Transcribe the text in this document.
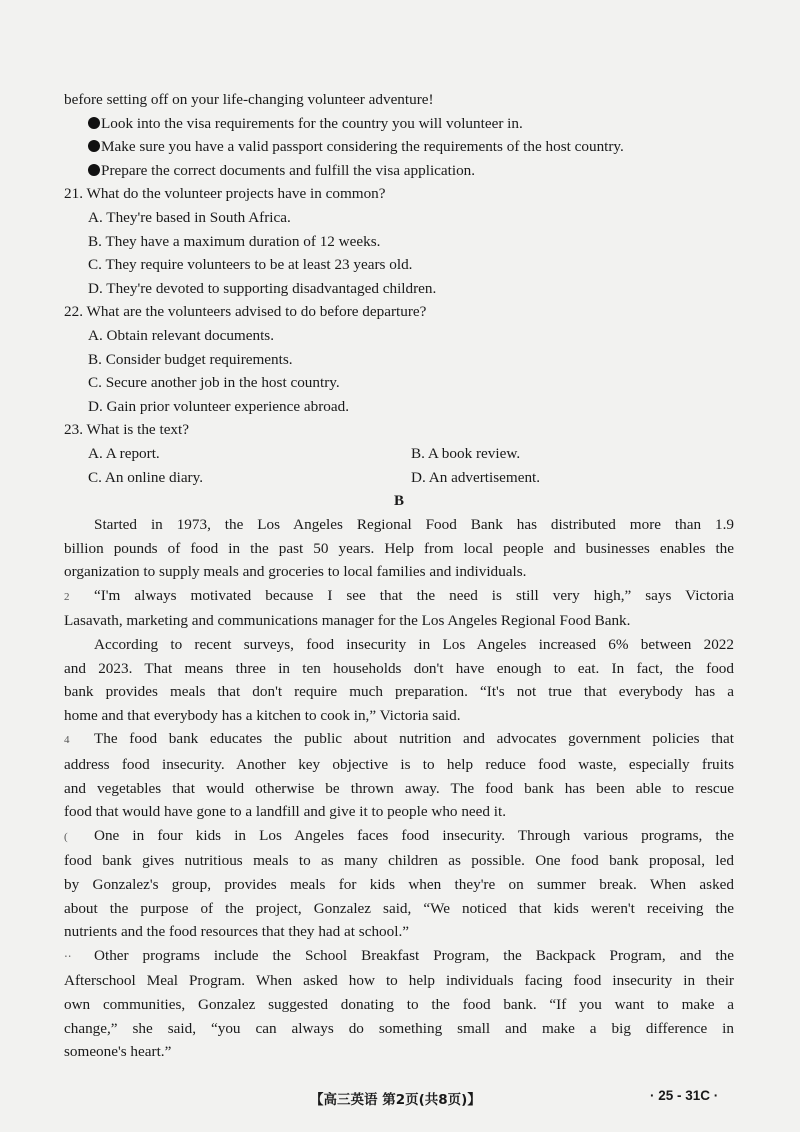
before setting off on your life-changing volunteer adventure!
Look into the visa requirements for the country you will volunteer in.
Make sure you have a valid passport considering the requirements of the host country.
Prepare the correct documents and fulfill the visa application.
21. What do the volunteer projects have in common?
A. They're based in South Africa.
B. They have a maximum duration of 12 weeks.
C. They require volunteers to be at least 23 years old.
D. They're devoted to supporting disadvantaged children.
22. What are the volunteers advised to do before departure?
A. Obtain relevant documents.
B. Consider budget requirements.
C. Secure another job in the host country.
D. Gain prior volunteer experience abroad.
23. What is the text?
A. A report.	B. A book review.
C. An online diary.	D. An advertisement.
B
Started in 1973, the Los Angeles Regional Food Bank has distributed more than 1.9
billion pounds of food in the past 50 years. Help from local people and businesses enables the
organization to supply meals and groceries to local families and individuals.
2 “I'm always motivated because I see that the need is still very high,” says Victoria
Lasavath, marketing and communications manager for the Los Angeles Regional Food Bank.
According to recent surveys, food insecurity in Los Angeles increased 6% between 2022
and 2023. That means three in ten households don't have enough to eat. In fact, the food
bank provides meals that don't require much preparation. “It's not true that everybody has a
home and that everybody has a kitchen to cook in,” Victoria said.
4 The food bank educates the public about nutrition and advocates government policies that
address food insecurity. Another key objective is to help reduce food waste, especially fruits
and vegetables that would otherwise be thrown away. The food bank has been able to rescue
food that would have gone to a landfill and give it to people who need it.
( One in four kids in Los Angeles faces food insecurity. Through various programs, the
food bank gives nutritious meals to as many children as possible. One food bank proposal, led
by Gonzalez's group, provides meals for kids when they're on summer break. When asked
about the purpose of the project, Gonzalez said, “We noticed that kids weren't receiving the
nutrients and the food resources that they had at school.”
⋅⋅ Other programs include the School Breakfast Program, the Backpack Program, and the
Afterschool Meal Program. When asked how to help individuals facing food insecurity in their
own communities, Gonzalez suggested donating to the food bank. “If you want to make a
change,” she said, “you can always do something small and make a big difference in
someone's heart.”
【高三英语 第2页(共8页)】	· 25 - 31C ·
